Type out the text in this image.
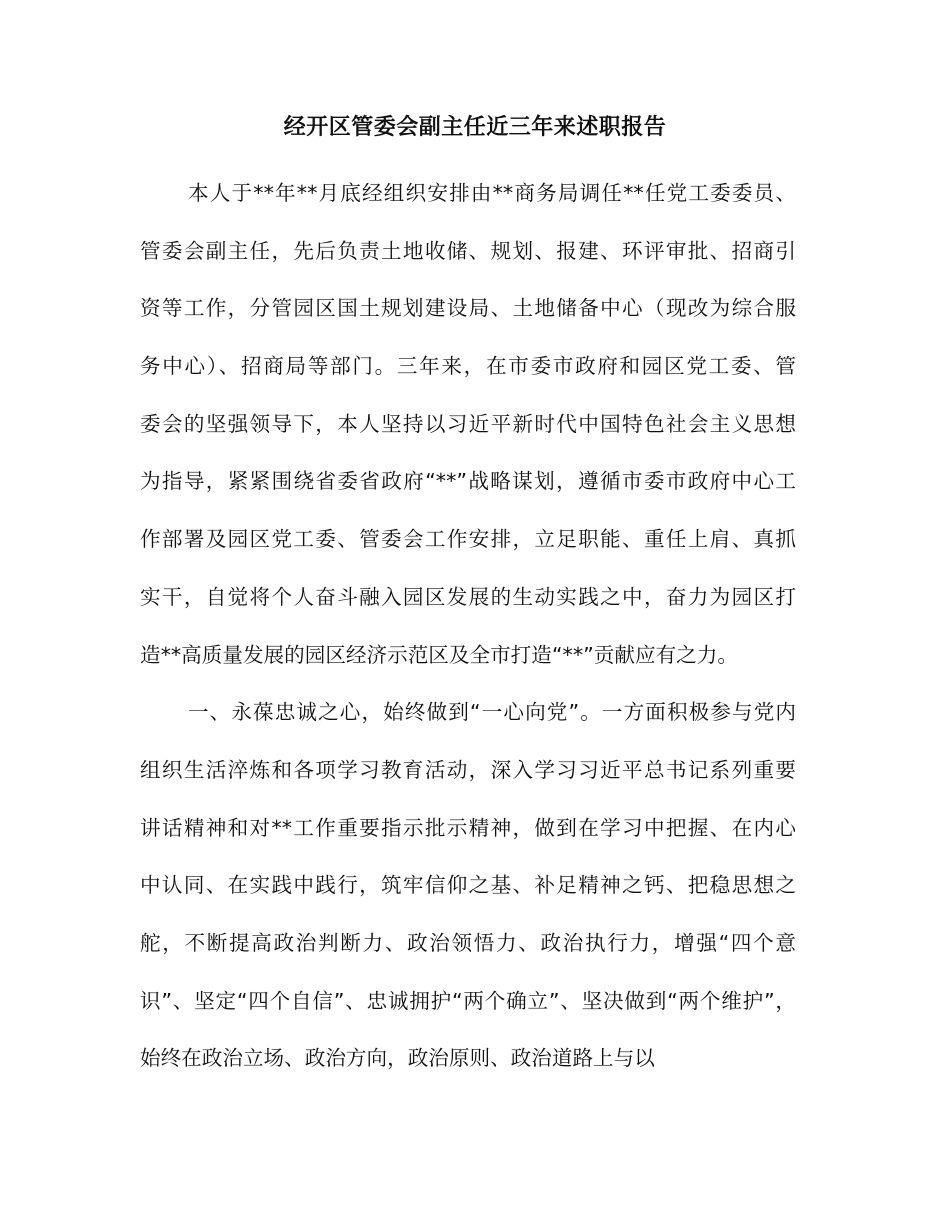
经开区管委会副主任近三年来述职报告
本人于**年**月底经组织安排由**商务局调任**任党工委委员、
管委会副主任，先后负责土地收储、规划、报建、环评审批、招商引
资等工作，分管园区国土规划建设局、土地储备中心（现改为综合服
务中心）、招商局等部门。三年来，在市委市政府和园区党工委、管
委会的坚强领导下，本人坚持以习近平新时代中国特色社会主义思想
为指导，紧紧围绕省委省政府“**”战略谋划，遵循市委市政府中心工
作部署及园区党工委、管委会工作安排，立足职能、重任上肩、真抓
实干，自觉将个人奋斗融入园区发展的生动实践之中，奋力为园区打
造**高质量发展的园区经济示范区及全市打造“**”贡献应有之力。
一、永葆忠诚之心，始终做到“一心向党”。一方面积极参与党内
组织生活淬炼和各项学习教育活动，深入学习习近平总书记系列重要
讲话精神和对**工作重要指示批示精神，做到在学习中把握、在内心
中认同、在实践中践行，筑牢信仰之基、补足精神之钙、把稳思想之
舵，不断提高政治判断力、政治领悟力、政治执行力，增强“四个意
识”、坚定“四个自信”、忠诚拥护“两个确立”、坚决做到“两个维护”，
始终在政治立场、政治方向，政治原则、政治道路上与以
